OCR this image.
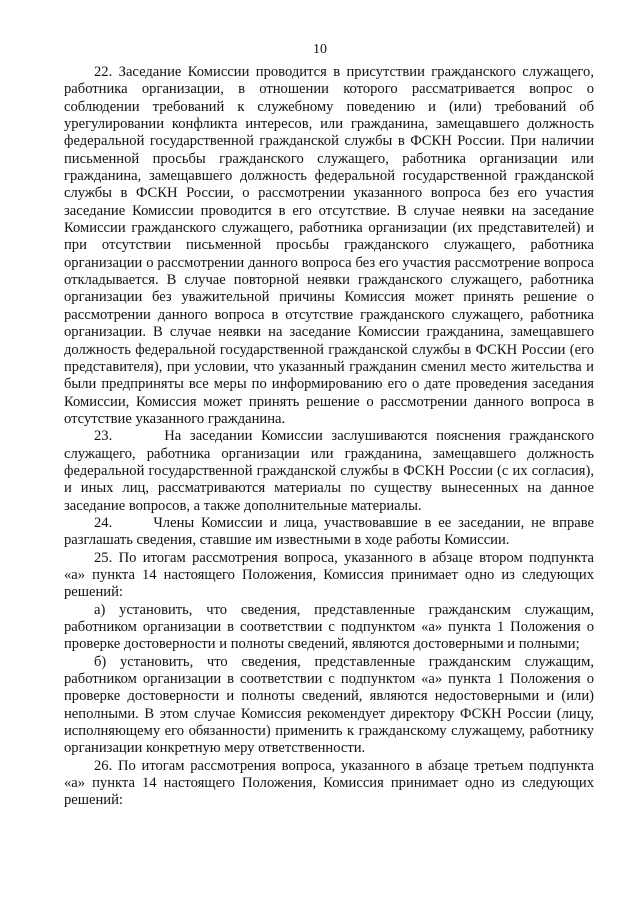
10

22. Заседание Комиссии проводится в присутствии гражданского служащего, работника организации, в отношении которого рассматривается вопрос о соблюдении требований к служебному поведению и (или) требований об урегулировании конфликта интересов, или гражданина, замещавшего должность федеральной государственной гражданской службы в ФСКН России. При наличии письменной просьбы гражданского служащего, работника организации или гражданина, замещавшего должность федеральной государственной гражданской службы в ФСКН России, о рассмотрении указанного вопроса без его участия заседание Комиссии проводится в его отсутствие. В случае неявки на заседание Комиссии гражданского служащего, работника организации (их представителей) и при отсутствии письменной просьбы гражданского служащего, работника организации о рассмотрении данного вопроса без его участия рассмотрение вопроса откладывается. В случае повторной неявки гражданского служащего, работника организации без уважительной причины Комиссия может принять решение о рассмотрении данного вопроса в отсутствие гражданского служащего, работника организации. В случае неявки на заседание Комиссии гражданина, замещавшего должность федеральной государственной гражданской службы в ФСКН России (его представителя), при условии, что указанный гражданин сменил место жительства и были предприняты все меры по информированию его о дате проведения заседания Комиссии, Комиссия может принять решение о рассмотрении данного вопроса в отсутствие указанного гражданина.

23.      На заседании Комиссии заслушиваются пояснения гражданского служащего, работника организации или гражданина, замещавшего должность федеральной государственной гражданской службы в ФСКН России (с их согласия), и иных лиц, рассматриваются материалы по существу вынесенных на данное заседание вопросов, а также дополнительные материалы.

24.      Члены Комиссии и лица, участвовавшие в ее заседании, не вправе разглашать сведения, ставшие им известными в ходе работы Комиссии.

25. По итогам рассмотрения вопроса, указанного в абзаце втором подпункта «а» пункта 14 настоящего Положения, Комиссия принимает одно из следующих решений:

а) установить, что сведения, представленные гражданским служащим, работником организации в соответствии с подпунктом «а» пункта 1 Положения о проверке достоверности и полноты сведений, являются достоверными и полными;

б) установить, что сведения, представленные гражданским служащим, работником организации в соответствии с подпунктом «а» пункта 1 Положения о проверке достоверности и полноты сведений, являются недостоверными и (или) неполными. В этом случае Комиссия рекомендует директору ФСКН России (лицу, исполняющему его обязанности) применить к гражданскому служащему, работнику организации конкретную меру ответственности.

26. По итогам рассмотрения вопроса, указанного в абзаце третьем подпункта «а» пункта 14 настоящего Положения, Комиссия принимает одно из следующих решений:
